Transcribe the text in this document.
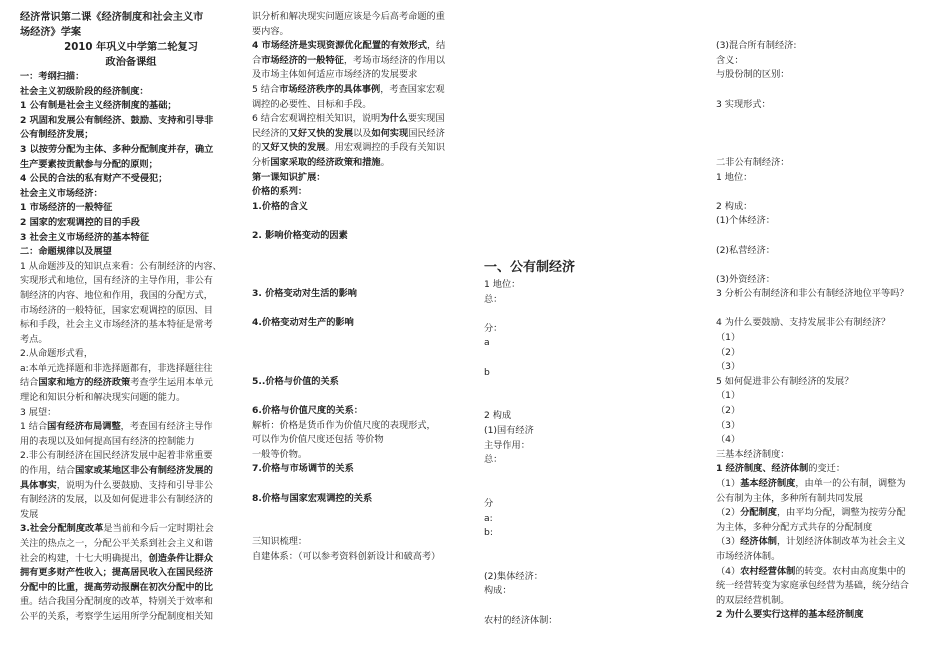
经济常识第二课《经济制度和社会主义市
场经济》学案
2010 年巩义中学第二轮复习
政治备课组
一：考纲扫描：
社会主义初级阶段的经济制度：
1 公有制是社会主义经济制度的基础；
2 巩固和发展公有制经济、鼓励、支持和引导非
公有制经济发展；
3 以按劳分配为主体、多种分配制度并存，确立
生产要素按贡献参与分配的原则；
4 公民的合法的私有财产不受侵犯；
社会主义市场经济：
1 市场经济的一般特征
2 国家的宏观调控的目的手段
3 社会主义市场经济的基本特征
二：命题规律以及展望
1 从命题涉及的知识点来看：公有制经济的内容、
实现形式和地位，国有经济的主导作用，非公有
制经济的内容、地位和作用，我国的分配方式，
市场经济的一般特征，国家宏观调控的原因、目
标和手段，社会主义市场经济的基本特征是常考
考点。
2.从命题形式看，
a:本单元选择题和非选择题都有，非选择题往往
结合国家和地方的经济政策考查学生运用本单元
理论和知识分析和解决现实问题的能力。
3 展望：
1 结合国有经济布局调整，考查国有经济主导作
用的表现以及如何提高国有经济的控制能力
2.非公有制经济在国民经济发展中起着非常重要
的作用，结合国家或某地区非公有制经济发展的
具体事实，说明为什么要鼓励、支持和引导非公
有制经济的发展，以及如何促进非公有制经济的
发展
3.社会分配制度改革是当前和今后一定时期社会
关注的热点之一，分配公平关系到社会主义和谐
社会的构建，十七大明确提出，创造条件让群众
拥有更多财产性收入；提高居民收入在国民经济
分配中的比重，提高劳动报酬在初次分配中的比
重。结合我国分配制度的改革，特别关于效率和
公平的关系，考察学生运用所学分配制度相关知
识分析和解决现实问题应该是今后高考命题的重
要内容。
4 市场经济是实现资源优化配置的有效形式，结
合市场经济的一般特征，考场市场经济的作用以
及市场主体如何适应市场经济的发展要求
5 结合市场经济秩序的具体事例，考查国家宏观
调控的必要性、目标和手段。
6 结合宏观调控相关知识，说明为什么要实现国
民经济的又好又快的发展以及如何实现国民经济
的又好又快的发展。用宏观调控的手段有关知识
分析国家采取的经济政策和措施。
第一课知识扩展：
价格的系列：
1.价格的含义
2. 影响价格变动的因素
3. 价格变动对生活的影响
4.价格变动对生产的影响
5..价格与价值的关系
6.价格与价值尺度的关系：
解析：价格是货币作为价值尺度的表现形式，
可以作为价值尺度还包括 等价物
一般等价物。
7.价格与市场调节的关系
8.价格与国家宏观调控的关系
三知识梳理：
自建体系：（可以参考资料创新设计和破高考）
一、公有制经济
1 地位：
总：
分：
a
b
2 构成
(1)国有经济
主导作用：
总：
分
a:
b:
(2)集体经济：
构成：
农村的经济体制：
(3)混合所有制经济:
含义：
与股份制的区别：
3 实现形式：
二非公有制经济：
1 地位：
2 构成：
(1)个体经济：
(2)私营经济：
(3)外资经济：
3 分析公有制经济和非公有制经济地位平等吗？
4 为什么要鼓励、支持发展非公有制经济？
（1）
（2）
（3）
5 如何促进非公有制经济的发展？
（1）
（2）
（3）
（4）
三基本经济制度：
1 经济制度、经济体制的变迁：
（1）基本经济制度，由单一的公有制，调整为
公有制为主体，多种所有制共同发展
（2）分配制度，由平均分配，调整为按劳分配
为主体，多种分配方式共存的分配制度
（3）经济体制，计划经济体制改革为社会主义
市场经济体制。
（4）农村经营体制的转变。农村由高度集中的
统一经营转变为家庭承包经营为基础，统分结合
的双层经营机制。
2 为什么要实行这样的基本经济制度
